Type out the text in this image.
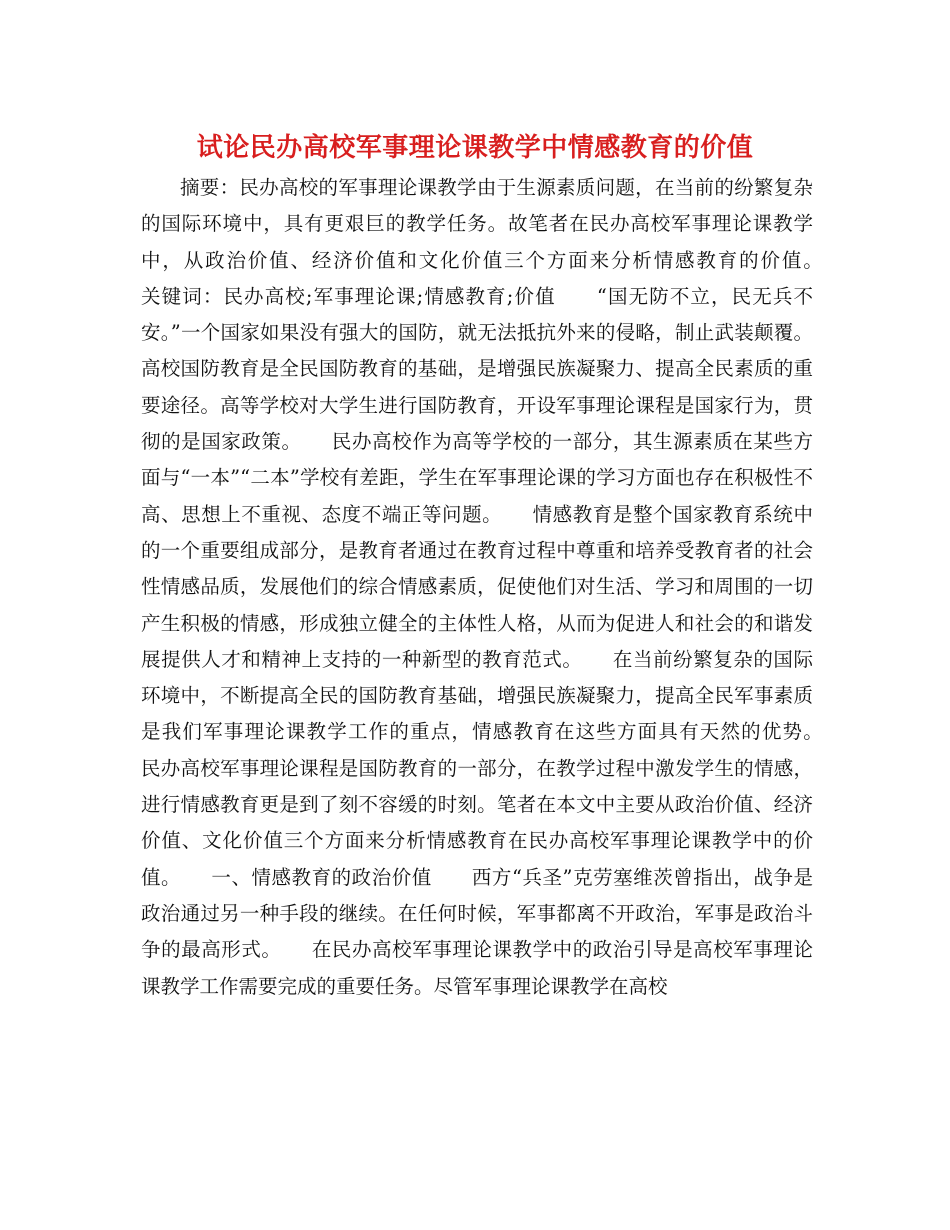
试论民办高校军事理论课教学中情感教育的价值

摘要：民办高校的军事理论课教学由于生源素质问题，在当前的纷繁复杂的国际环境中，具有更艰巨的教学任务。故笔者在民办高校军事理论课教学中，从政治价值、经济价值和文化价值三个方面来分析情感教育的价值。　　关键词：民办高校;军事理论课;情感教育;价值　　“国无防不立，民无兵不安。”一个国家如果没有强大的国防，就无法抵抗外来的侵略，制止武装颠覆。高校国防教育是全民国防教育的基础，是增强民族凝聚力、提高全民素质的重要途径。高等学校对大学生进行国防教育，开设军事理论课程是国家行为，贯彻的是国家政策。　　民办高校作为高等学校的一部分，其生源素质在某些方面与“一本”“二本”学校有差距，学生在军事理论课的学习方面也存在积极性不高、思想上不重视、态度不端正等问题。　　情感教育是整个国家教育系统中的一个重要组成部分，是教育者通过在教育过程中尊重和培养受教育者的社会性情感品质，发展他们的综合情感素质，促使他们对生活、学习和周围的一切产生积极的情感，形成独立健全的主体性人格，从而为促进人和社会的和谐发展提供人才和精神上支持的一种新型的教育范式。　　在当前纷繁复杂的国际环境中，不断提高全民的国防教育基础，增强民族凝聚力，提高全民军事素质是我们军事理论课教学工作的重点，情感教育在这些方面具有天然的优势。　　民办高校军事理论课程是国防教育的一部分，在教学过程中激发学生的情感，进行情感教育更是到了刻不容缓的时刻。笔者在本文中主要从政治价值、经济价值、文化价值三个方面来分析情感教育在民办高校军事理论课教学中的价值。　　一、情感教育的政治价值　　西方“兵圣”克劳塞维茨曾指出，战争是政治通过另一种手段的继续。在任何时候，军事都离不开政治，军事是政治斗争的最高形式。　　在民办高校军事理论课教学中的政治引导是高校军事理论课教学工作需要完成的重要任务。尽管军事理论课教学在高校
